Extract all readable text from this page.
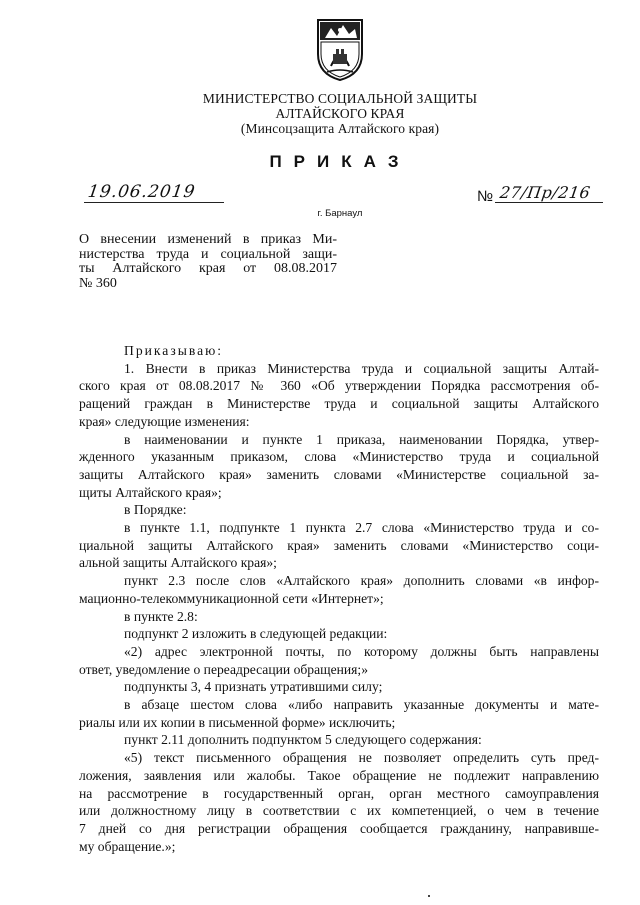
МИНИСТЕРСТВО СОЦИАЛЬНОЙ ЗАЩИТЫ
АЛТАЙСКОГО КРАЯ
(Минсоцзащита Алтайского края)
ПРИКАЗ
19.06.2019	№ 27/Пр/216
г. Барнаул
О внесении изменений в приказ Ми-
нистерства труда и социальной защи-
ты Алтайского края от 08.08.2017
№ 360
Приказываю:
1. Внести в приказ Министерства труда и социальной защиты Алтай-
ского края от 08.08.2017 № 360 «Об утверждении Порядка рассмотрения об-
ращений граждан в Министерстве труда и социальной защиты Алтайского
края» следующие изменения:
в наименовании и пункте 1 приказа, наименовании Порядка, утвер-
жденного указанным приказом, слова «Министерство труда и социальной
защиты Алтайского края» заменить словами «Министерстве социальной за-
щиты Алтайского края»;
в Порядке:
в пункте 1.1, подпункте 1 пункта 2.7 слова «Министерство труда и со-
циальной защиты Алтайского края» заменить словами «Министерство соци-
альной защиты Алтайского края»;
пункт 2.3 после слов «Алтайского края» дополнить словами «в инфор-
мационно-телекоммуникационной сети «Интернет»;
в пункте 2.8:
подпункт 2 изложить в следующей редакции:
«2) адрес электронной почты, по которому должны быть направлены
ответ, уведомление о переадресации обращения;»
подпункты 3, 4 признать утратившими силу;
в абзаце шестом слова «либо направить указанные документы и мате-
риалы или их копии в письменной форме» исключить;
пункт 2.11 дополнить подпунктом 5 следующего содержания:
«5) текст письменного обращения не позволяет определить суть пред-
ложения, заявления или жалобы. Такое обращение не подлежит направлению
на рассмотрение в государственный орган, орган местного самоуправления
или должностному лицу в соответствии с их компетенцией, о чем в течение
7 дней со дня регистрации обращения сообщается гражданину, направивше-
му обращение.»;
